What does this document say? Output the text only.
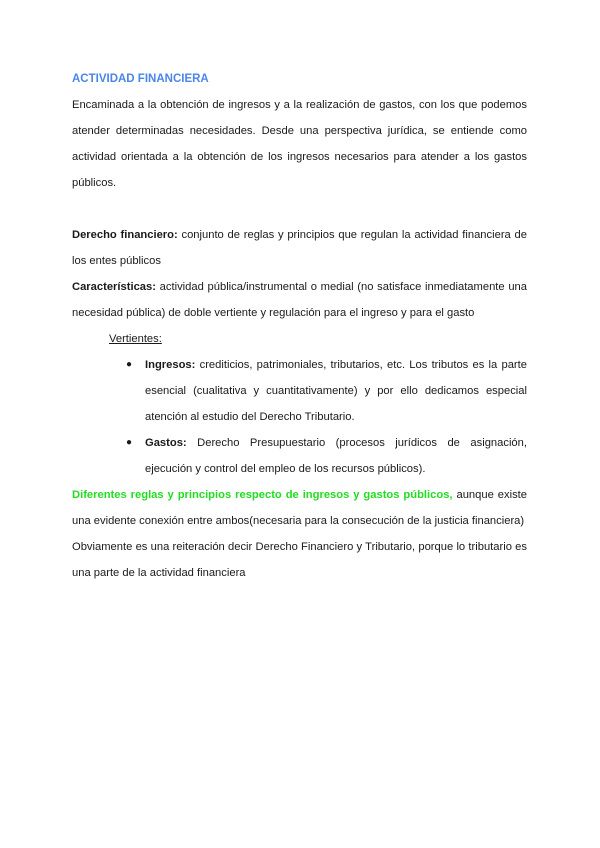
ACTIVIDAD FINANCIERA

Encaminada a la obtención de ingresos y a la realización de gastos, con los que podemos atender determinadas necesidades. Desde una perspectiva jurídica, se entiende como actividad orientada a la obtención de los ingresos necesarios para atender a los gastos públicos.

Derecho financiero: conjunto de reglas y principios que regulan la actividad financiera de los entes públicos

Características: actividad pública/instrumental o medial (no satisface inmediatamente una necesidad pública) de doble vertiente y regulación para el ingreso y para el gasto

Vertientes:
● Ingresos: crediticios, patrimoniales, tributarios, etc. Los tributos es la parte esencial (cualitativa y cuantitativamente) y por ello dedicamos especial atención al estudio del Derecho Tributario.
● Gastos: Derecho Presupuestario (procesos jurídicos de asignación, ejecución y control del empleo de los recursos públicos).

Diferentes reglas y principios respecto de ingresos y gastos públicos, aunque existe una evidente conexión entre ambos(necesaria para la consecución de la justicia financiera)

Obviamente es una reiteración decir Derecho Financiero y Tributario, porque lo tributario es una parte de la actividad financiera
